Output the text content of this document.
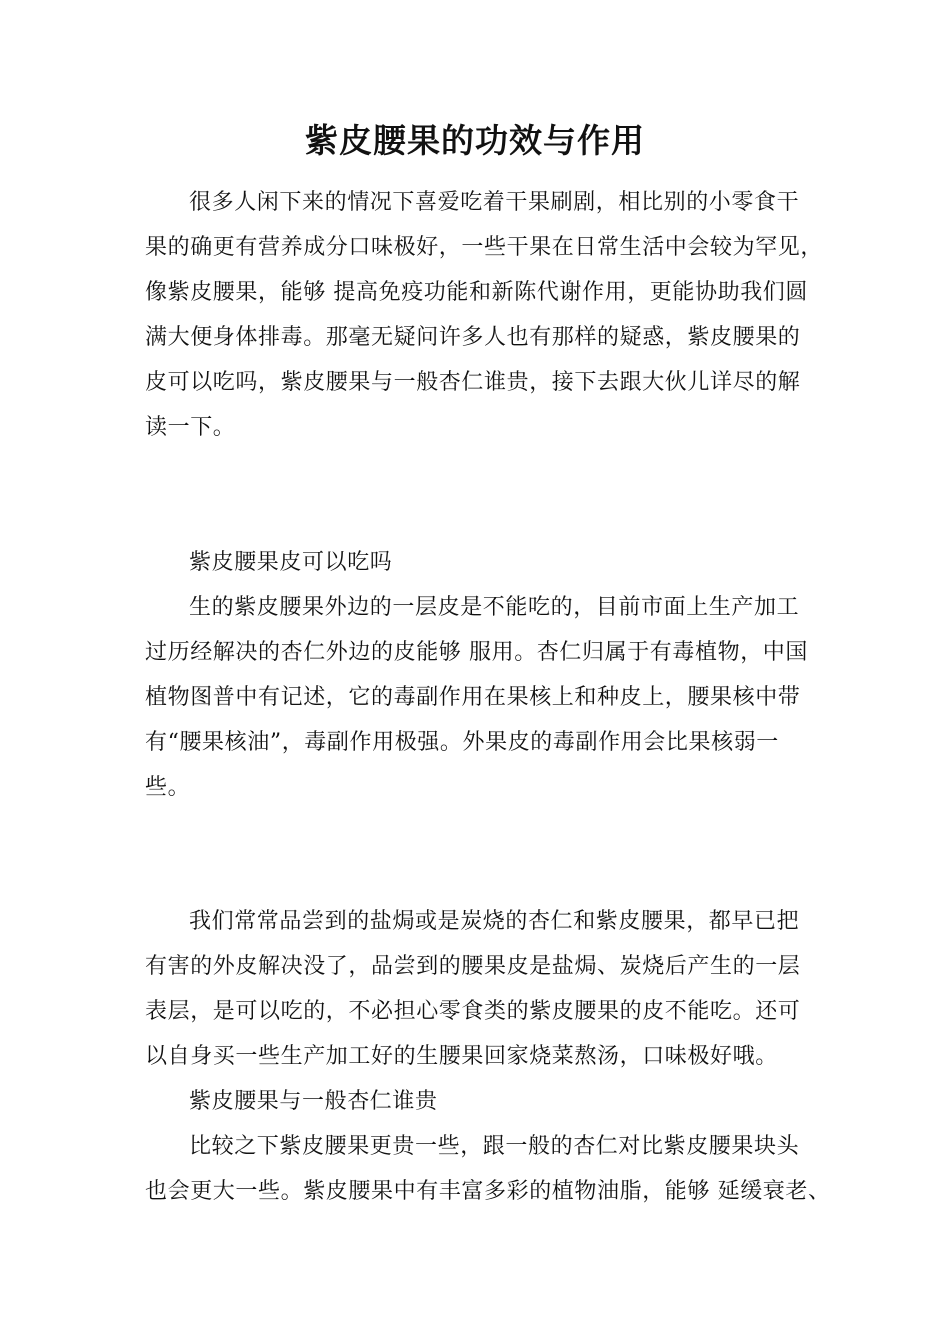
紫皮腰果的功效与作用
很多人闲下来的情况下喜爱吃着干果刷剧，相比别的小零食干
果的确更有营养成分口味极好，一些干果在日常生活中会较为罕见，
像紫皮腰果，能够 提高免疫功能和新陈代谢作用，更能协助我们圆
满大便身体排毒。那毫无疑问许多人也有那样的疑惑，紫皮腰果的
皮可以吃吗，紫皮腰果与一般杏仁谁贵，接下去跟大伙儿详尽的解
读一下。
紫皮腰果皮可以吃吗
生的紫皮腰果外边的一层皮是不能吃的，目前市面上生产加工
过历经解决的杏仁外边的皮能够 服用。杏仁归属于有毒植物，中国
植物图普中有记述，它的毒副作用在果核上和种皮上，腰果核中带
有“腰果核油”，毒副作用极强。外果皮的毒副作用会比果核弱一
些。
我们常常品尝到的盐焗或是炭烧的杏仁和紫皮腰果，都早已把
有害的外皮解决没了，品尝到的腰果皮是盐焗、炭烧后产生的一层
表层，是可以吃的，不必担心零食类的紫皮腰果的皮不能吃。还可
以自身买一些生产加工好的生腰果回家烧菜熬汤，口味极好哦。
紫皮腰果与一般杏仁谁贵
比较之下紫皮腰果更贵一些，跟一般的杏仁对比紫皮腰果块头
也会更大一些。紫皮腰果中有丰富多彩的植物油脂，能够 延缓衰老、
